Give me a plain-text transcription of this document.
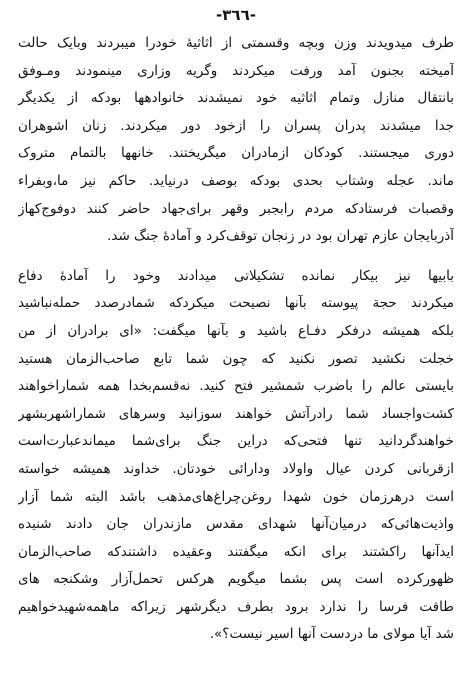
-٣٦٦-
طرف میدویدند وزن وبچه وقسمتی از اثاثیهٔ خودرا میبردند وبایک حالت
آمیخته بجنون آمد ورفت میکردند وگریه وزاری مینمودند ومـوفق
بانتقال منازل وتمام اثاثیه خود نمیشدند خانوادهها بودکه از یکدیگر
جدا میشدند پدران پسران را ازخود دور میکردند. زنان اشوهران
دوری میجستند. کودکان ازمادران میگریختند. خانهها بالتمام متروک
ماند. عجله وشتاب بحدی بودکه بوصف درنیاید. حاکم نیز ما،وبفراء
وقصبات فرستادکه مردم رابجبر وقهر برای‌جهاد حاضر کنند دوفوج‌کهاز
آذربایجان عازم تهران بود در زنجان توقف‌کرد و آمادهٔ جنگ شد.
بابیها نیز بیکار نمانده تشکیلاتی میدادند وخود را آمادهٔ دفاع
میکردند حجة پیوسته بآنها نصیحت میکردکه شمادرصدد حمله‌نباشید
بلکه همیشه درفکر دفـاع باشید و بآنها میگفت: «ای برادران از من
خجلت نکشید تصور نکنید که چون شما تابع صاحب‌الزمان هستید
بایستی عالم را باضرب شمشیر فتح کنید. نه‌قسم‌بخدا همه شماراخواهند
کشت‌واجساد شما رادرآتش خواهند سوزانید وسرهای شماراشهربشهر
خواهندگردانید تنها فتحی‌که دراین جنگ برای‌شما میماندعبارت‌است
ازقربانی کردن عیال واولاد ودارائی خودتان. خداوند همیشه خواسته
است درهرزمان خون شهدا روغن‌چراغ‌های‌مذهب باشد البته شما آزار
واذیت‌هائی‌که درمیان‌آنها شهدای مقدس مازندران جان دادند شنیده
اید‌آنها را‌کشتند برای انکه میگفتند وعقیده داشتندکه صاحب‌الزمان
ظهورکرده است پس بشما میگویم هرکس تحمل‌آزار وشکنجه های
طاقت فرسا را ندارد برود بطرف دیگرشهر زیراکه ماهمه‌شهیدخواهیم
شد آیا مولای ما دردست آنها اسیر نیست؟».
